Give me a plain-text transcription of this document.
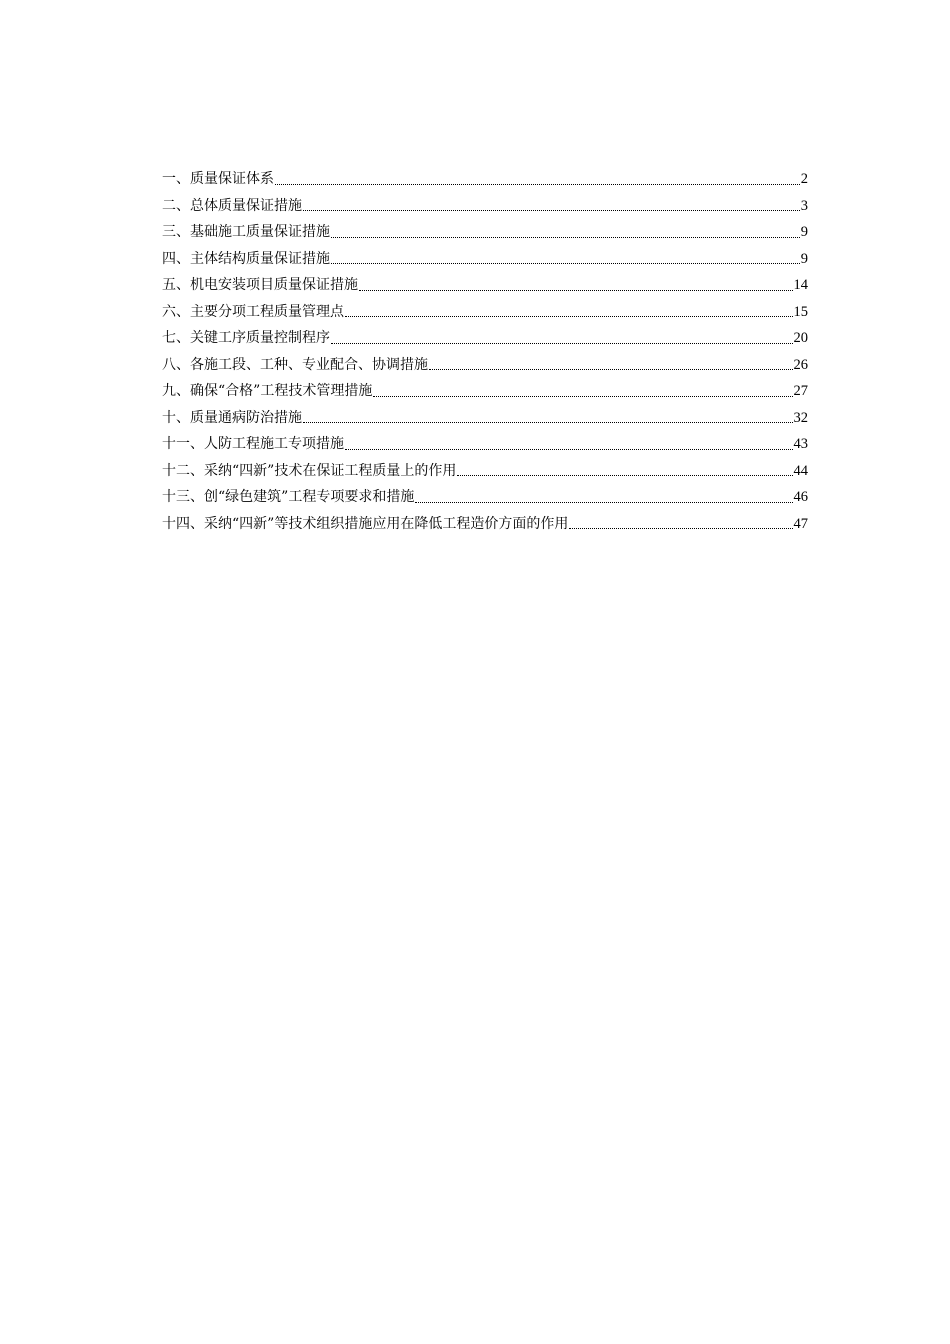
一、质量保证体系	2
二、总体质量保证措施	3
三、基础施工质量保证措施	9
四、主体结构质量保证措施	9
五、机电安装项目质量保证措施	14
六、主要分项工程质量管理点	15
七、关键工序质量控制程序	20
八、各施工段、工种、专业配合、协调措施	26
九、确保“合格”工程技术管理措施	27
十、质量通病防治措施	32
十一、人防工程施工专项措施	43
十二、采纳“四新”技术在保证工程质量上的作用	44
十三、创“绿色建筑”工程专项要求和措施	46
十四、采纳“四新”等技术组织措施应用在降低工程造价方面的作用	47
